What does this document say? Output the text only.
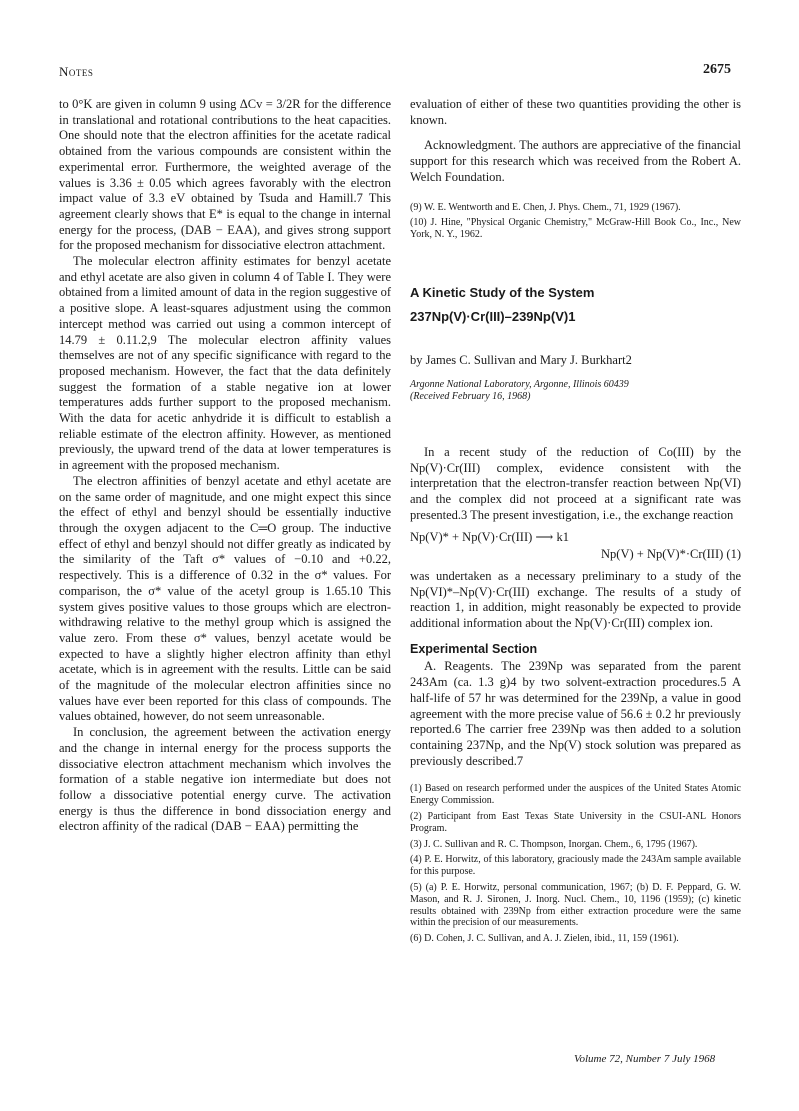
Notes	2675

to 0°K are given in column 9 using ΔCv = 3/2R for the difference in translational and rotational contributions to the heat capacities. One should note that the electron affinities for the acetate radical obtained from the various compounds are consistent within the experimental error. Furthermore, the weighted average of the values is 3.36 ± 0.05 which agrees favorably with the electron impact value of 3.3 eV obtained by Tsuda and Hamill.7 This agreement clearly shows that E* is equal to the change in internal energy for the process, (DAB − EAA), and gives strong support for the proposed mechanism for dissociative electron attachment.

The molecular electron affinity estimates for benzyl acetate and ethyl acetate are also given in column 4 of Table I. They were obtained from a limited amount of data in the region suggestive of a positive slope. A least-squares adjustment using the common intercept method was carried out using a common intercept of 14.79 ± 0.11.2,9 The molecular electron affinity values themselves are not of any specific significance with regard to the proposed mechanism. However, the fact that the data definitely suggest the formation of a stable negative ion at lower temperatures adds further support to the proposed mechanism. With the data for acetic anhydride it is difficult to establish a reliable estimate of the electron affinity. However, as mentioned previously, the upward trend of the data at lower temperatures is in agreement with the proposed mechanism.

The electron affinities of benzyl acetate and ethyl acetate are on the same order of magnitude, and one might expect this since the effect of ethyl and benzyl should be essentially inductive through the oxygen adjacent to the C═O group. The inductive effect of ethyl and benzyl should not differ greatly as indicated by the similarity of the Taft σ* values of −0.10 and +0.22, respectively. This is a difference of 0.32 in the σ* values. For comparison, the σ* value of the acetyl group is 1.65.10 This system gives positive values to those groups which are electron-withdrawing relative to the methyl group which is assigned the value zero. From these σ* values, benzyl acetate would be expected to have a slightly higher electron affinity than ethyl acetate, which is in agreement with the results. Little can be said of the magnitude of the molecular electron affinities since no values have ever been reported for this class of compounds. The values obtained, however, do not seem unreasonable.

In conclusion, the agreement between the activation energy and the change in internal energy for the process supports the dissociative electron attachment mechanism which involves the formation of a stable negative ion intermediate but does not follow a dissociative potential energy curve. The activation energy is thus the difference in bond dissociation energy and electron affinity of the radical (DAB − EAA) permitting the

evaluation of either of these two quantities providing the other is known.

Acknowledgment. The authors are appreciative of the financial support for this research which was received from the Robert A. Welch Foundation.

(9) W. E. Wentworth and E. Chen, J. Phys. Chem., 71, 1929 (1967).

(10) J. Hine, "Physical Organic Chemistry," McGraw-Hill Book Co., Inc., New York, N. Y., 1962.

A Kinetic Study of the System
237Np(V)·Cr(III)–239Np(V)1
by James C. Sullivan and Mary J. Burkhart2
Argonne National Laboratory, Argonne, Illinois 60439
(Received February 16, 1968)

In a recent study of the reduction of Co(III) by the Np(V)·Cr(III) complex, evidence consistent with the interpretation that the electron-transfer reaction between Np(VI) and the complex did not proceed at a significant rate was presented.3 The present investigation, i.e., the exchange reaction

Np(V)* + Np(V)·Cr(III) ⟶ k1
Np(V) + Np(V)*·Cr(III) (1)

was undertaken as a necessary preliminary to a study of the Np(VI)*–Np(V)·Cr(III) exchange. The results of a study of reaction 1, in addition, might reasonably be expected to provide additional information about the Np(V)·Cr(III) complex ion.

Experimental Section

A. Reagents. The 239Np was separated from the parent 243Am (ca. 1.3 g)4 by two solvent-extraction procedures.5 A half-life of 57 hr was determined for the 239Np, a value in good agreement with the more precise value of 56.6 ± 0.2 hr previously reported.6 The carrier free 239Np was then added to a solution containing 237Np, and the Np(V) stock solution was prepared as previously described.7

(1) Based on research performed under the auspices of the United States Atomic Energy Commission.

(2) Participant from East Texas State University in the CSUI-ANL Honors Program.

(3) J. C. Sullivan and R. C. Thompson, Inorgan. Chem., 6, 1795 (1967).

(4) P. E. Horwitz, of this laboratory, graciously made the 243Am sample available for this purpose.

(5) (a) P. E. Horwitz, personal communication, 1967; (b) D. F. Peppard, G. W. Mason, and R. J. Sironen, J. Inorg. Nucl. Chem., 10, 1196 (1959); (c) kinetic results obtained with 239Np from either extraction procedure were the same within the precision of our measurements.

(6) D. Cohen, J. C. Sullivan, and A. J. Zielen, ibid., 11, 159 (1961).

Volume 72, Number 7 July 1968
